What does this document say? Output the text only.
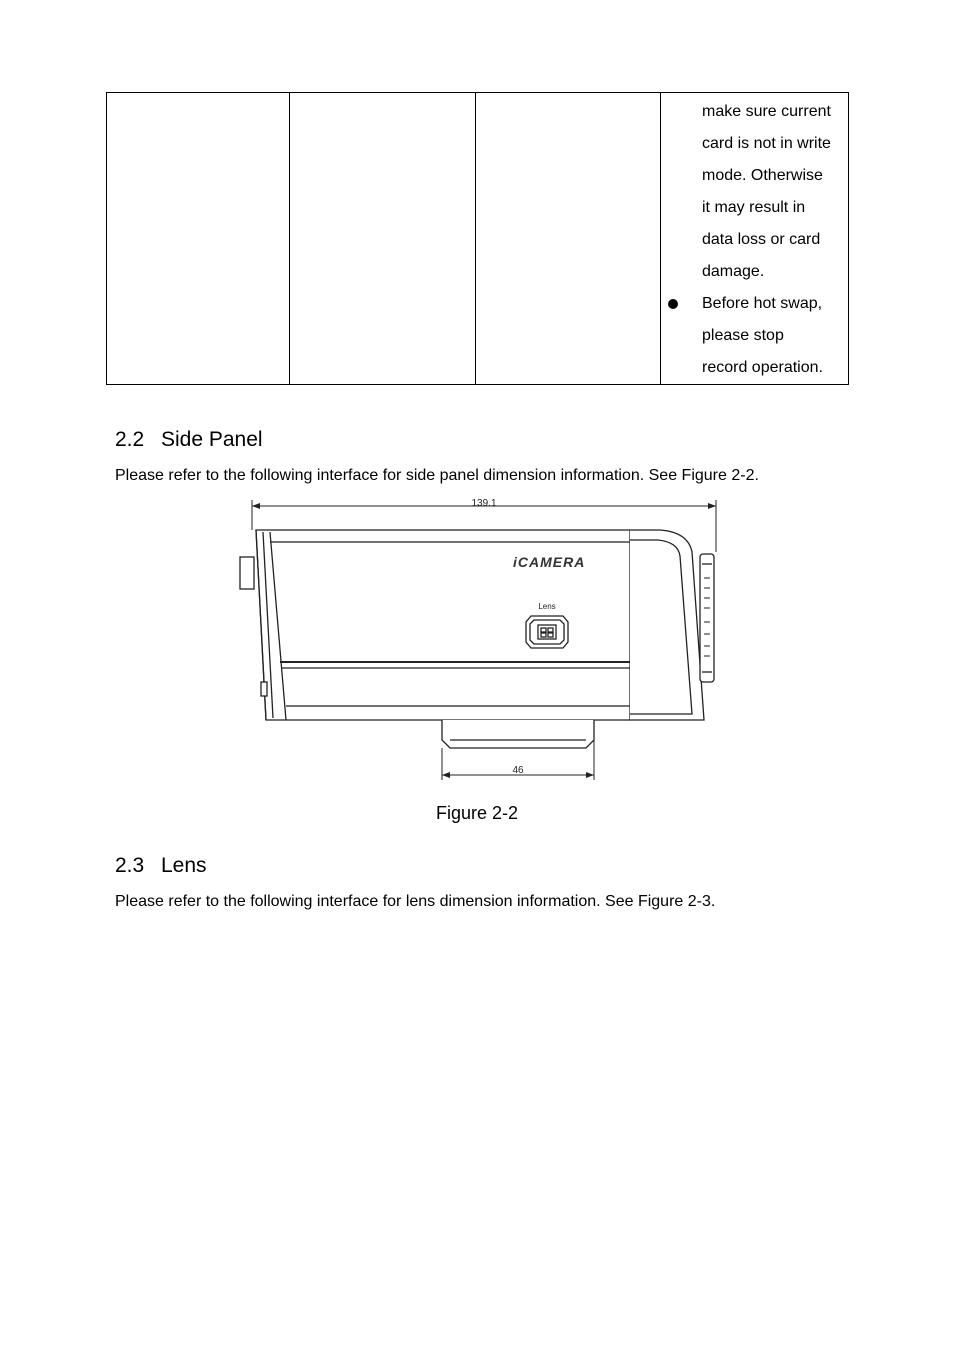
make sure current

card is not in write

mode. Otherwise

it may result in

data loss or card

damage.

Before hot swap,

please stop

record operation.

2.2 Side Panel

Please refer to the following interface for side panel dimension information. See Figure 2-2.

139.1
iCAMERA
Lens
46

Figure 2-2

2.3 Lens

Please refer to the following interface for lens dimension information. See Figure 2-3.
